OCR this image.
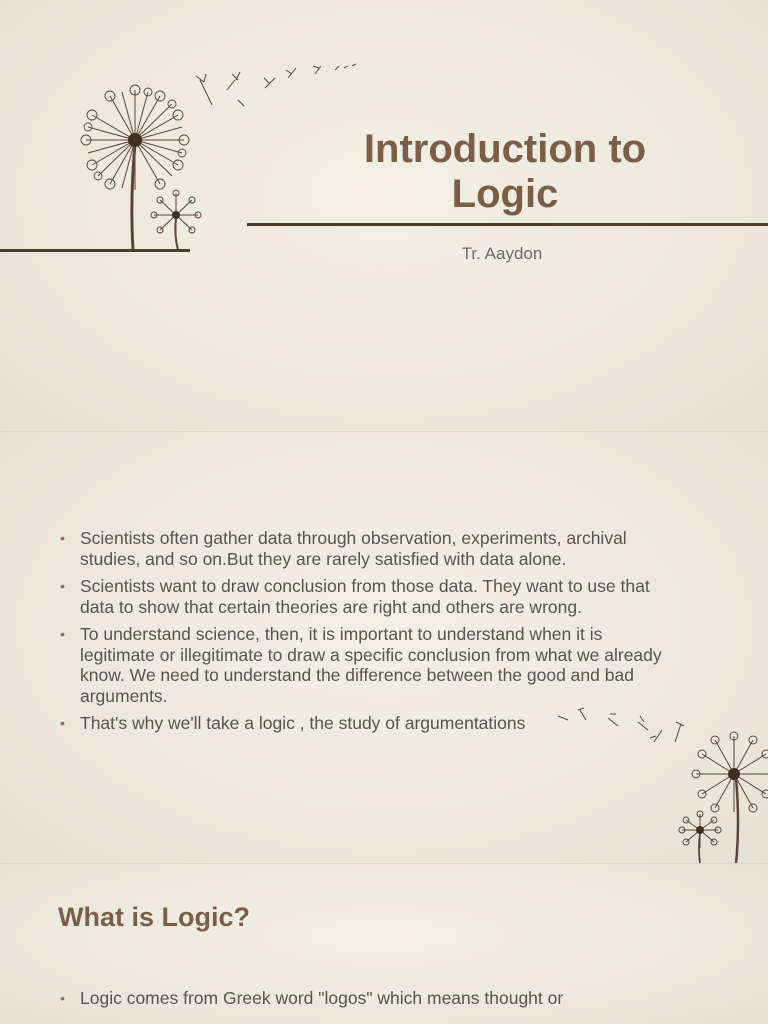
Introduction to
Logic
Tr. Aaydon
• Scientists often gather data through observation, experiments, archival studies, and so on.But they are rarely satisfied with data alone.
• Scientists want to draw conclusion from those data. They want to use that data to show that certain theories are right and others are wrong.
• To understand science, then, it is important to understand when it is legitimate or illegitimate to draw a specific conclusion from what we already know. We need to understand the difference between the good and bad arguments.
• That's why we'll take a logic , the study of argumentations
What is Logic?
• Logic comes from Greek word "logos" which means thought or
